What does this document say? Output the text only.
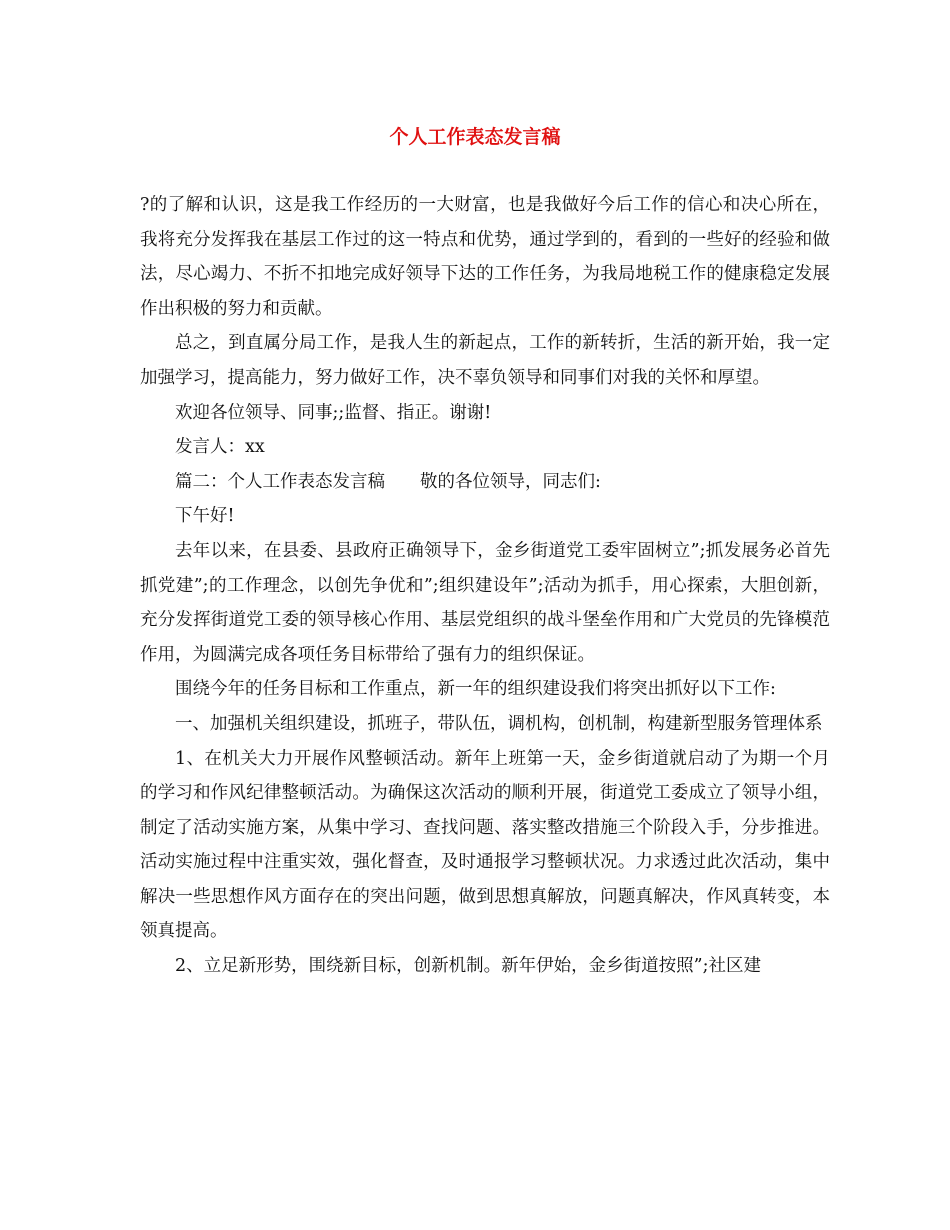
个人工作表态发言稿

?的了解和认识，这是我工作经历的一大财富，也是我做好今后工作的信心和决心所在，我将充分发挥我在基层工作过的这一特点和优势，通过学到的，看到的一些好的经验和做法，尽心竭力、不折不扣地完成好领导下达的工作任务，为我局地税工作的健康稳定发展作出积极的努力和贡献。

总之，到直属分局工作，是我人生的新起点，工作的新转折，生活的新开始，我一定加强学习，提高能力，努力做好工作，决不辜负领导和同事们对我的关怀和厚望。

欢迎各位领导、同事;;监督、指正。谢谢!

发言人：xx

篇二：个人工作表态发言稿　　敬的各位领导，同志们:

下午好!

去年以来，在县委、县政府正确领导下，金乡街道党工委牢固树立”;抓发展务必首先抓党建”;的工作理念，以创先争优和”;组织建设年”;活动为抓手，用心探索，大胆创新，充分发挥街道党工委的领导核心作用、基层党组织的战斗堡垒作用和广大党员的先锋模范作用，为圆满完成各项任务目标带给了强有力的组织保证。

围绕今年的任务目标和工作重点，新一年的组织建设我们将突出抓好以下工作:

一、加强机关组织建设，抓班子，带队伍，调机构，创机制，构建新型服务管理体系

1、在机关大力开展作风整顿活动。新年上班第一天，金乡街道就启动了为期一个月的学习和作风纪律整顿活动。为确保这次活动的顺利开展，街道党工委成立了领导小组，制定了活动实施方案，从集中学习、查找问题、落实整改措施三个阶段入手，分步推进。活动实施过程中注重实效，强化督查，及时通报学习整顿状况。力求透过此次活动，集中解决一些思想作风方面存在的突出问题，做到思想真解放，问题真解决，作风真转变，本领真提高。

2、立足新形势，围绕新目标，创新机制。新年伊始，金乡街道按照”;社区建
